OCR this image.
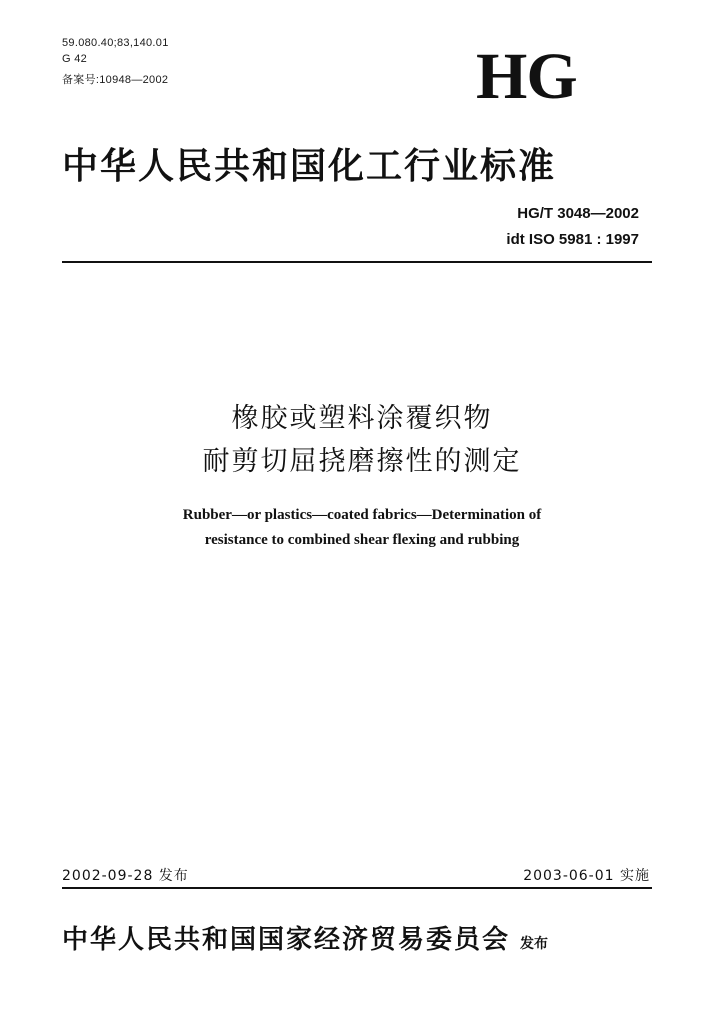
59.080.40;83,140.01
G 42
备案号:10948—2002	HG
中华人民共和国化工行业标准
HG/T 3048—2002
idt ISO 5981 : 1997
橡胶或塑料涂覆织物
耐剪切屈挠磨擦性的测定
Rubber—or plastics—coated fabrics—Determination of
resistance to combined shear flexing and rubbing
2002-09-28 发布	2003-06-01 实施
中华人民共和国国家经济贸易委员会 发布
